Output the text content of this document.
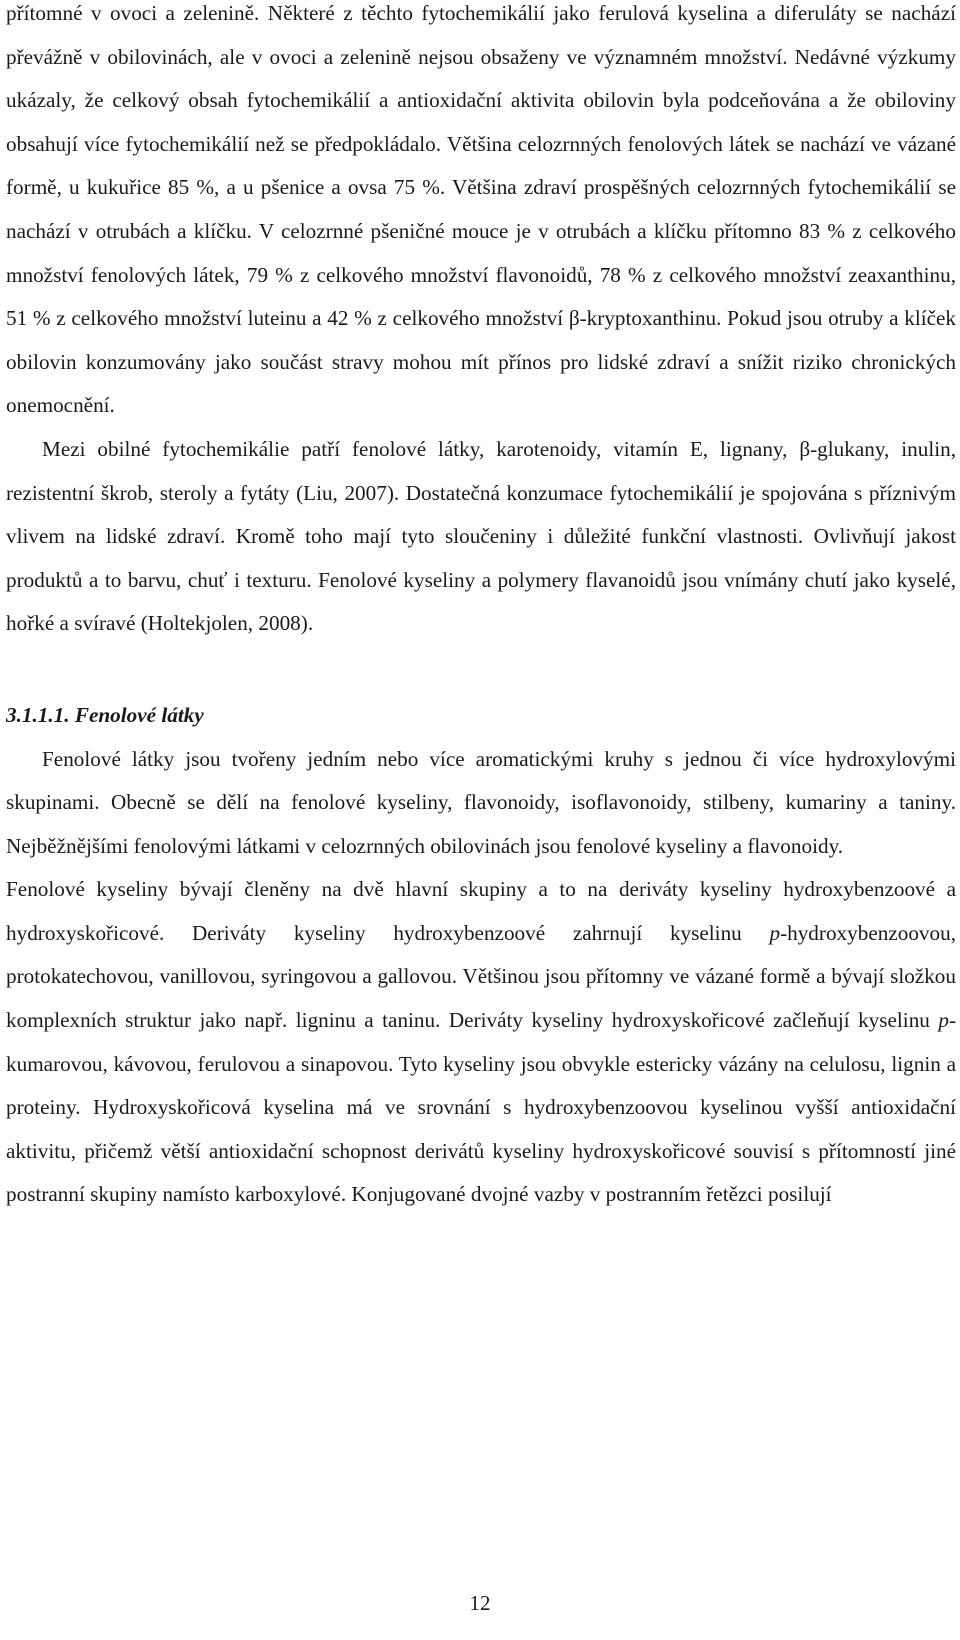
přítomné v ovoci a zelenině. Některé z těchto fytochemikálií jako ferulová kyselina a diferuláty se nachází převážně v obilovinách, ale v ovoci a zelenině nejsou obsaženy ve významném množství. Nedávné výzkumy ukázaly, že celkový obsah fytochemikálií a antioxidační aktivita obilovin byla podceňována a že obiloviny obsahují více fytochemikálií než se předpokládalo. Většina celozrnných fenolových látek se nachází ve vázané formě, u kukuřice 85 %, a u pšenice a ovsa 75 %. Většina zdraví prospěšných celozrnných fytochemikálií se nachází v otrubách a klíčku. V celozrnné pšeničné mouce je v otrubách a klíčku přítomno 83 % z celkového množství fenolových látek, 79 % z celkového množství flavonoidů, 78 % z celkového množství zeaxanthinu, 51 % z celkového množství luteinu a 42 % z celkového množství β-kryptoxanthinu. Pokud jsou otruby a klíček obilovin konzumovány jako součást stravy mohou mít přínos pro lidské zdraví a snížit riziko chronických onemocnění.

Mezi obilné fytochemikálie patří fenolové látky, karotenoidy, vitamín E, lignany, β-glukany, inulin, rezistentní škrob, steroly a fytáty (Liu, 2007). Dostatečná konzumace fytochemikálií je spojována s příznivým vlivem na lidské zdraví. Kromě toho mají tyto sloučeniny i důležité funkční vlastnosti. Ovlivňují jakost produktů a to barvu, chuť i texturu. Fenolové kyseliny a polymery flavanoidů jsou vnímány chutí jako kyselé, hořké a svíravé (Holtekjolen, 2008).

3.1.1.1. Fenolové látky

Fenolové látky jsou tvořeny jedním nebo více aromatickými kruhy s jednou či více hydroxylovými skupinami. Obecně se dělí na fenolové kyseliny, flavonoidy, isoflavonoidy, stilbeny, kumariny a taniny. Nejběžnějšími fenolovými látkami v celozrnných obilovinách jsou fenolové kyseliny a flavonoidy.

Fenolové kyseliny bývají členěny na dvě hlavní skupiny a to na deriváty kyseliny hydroxybenzoové a hydroxyskořicové. Deriváty kyseliny hydroxybenzoové zahrnují kyselinu p-hydroxybenzoovou, protokatechovou, vanillovou, syringovou a gallovou. Většinou jsou přítomny ve vázané formě a bývají složkou komplexních struktur jako např. ligninu a taninu. Deriváty kyseliny hydroxyskořicové začleňují kyselinu p-kumarovou, kávovou, ferulovou a sinapovou. Tyto kyseliny jsou obvykle estericky vázány na celulosu, lignin a proteiny. Hydroxyskořicová kyselina má ve srovnání s hydroxybenzoovou kyselinou vyšší antioxidační aktivitu, přičemž větší antioxidační schopnost derivátů kyseliny hydroxyskořicové souvisí s přítomností jiné postranní skupiny namísto karboxylové. Konjugované dvojné vazby v postranním řetězci posilují

12
